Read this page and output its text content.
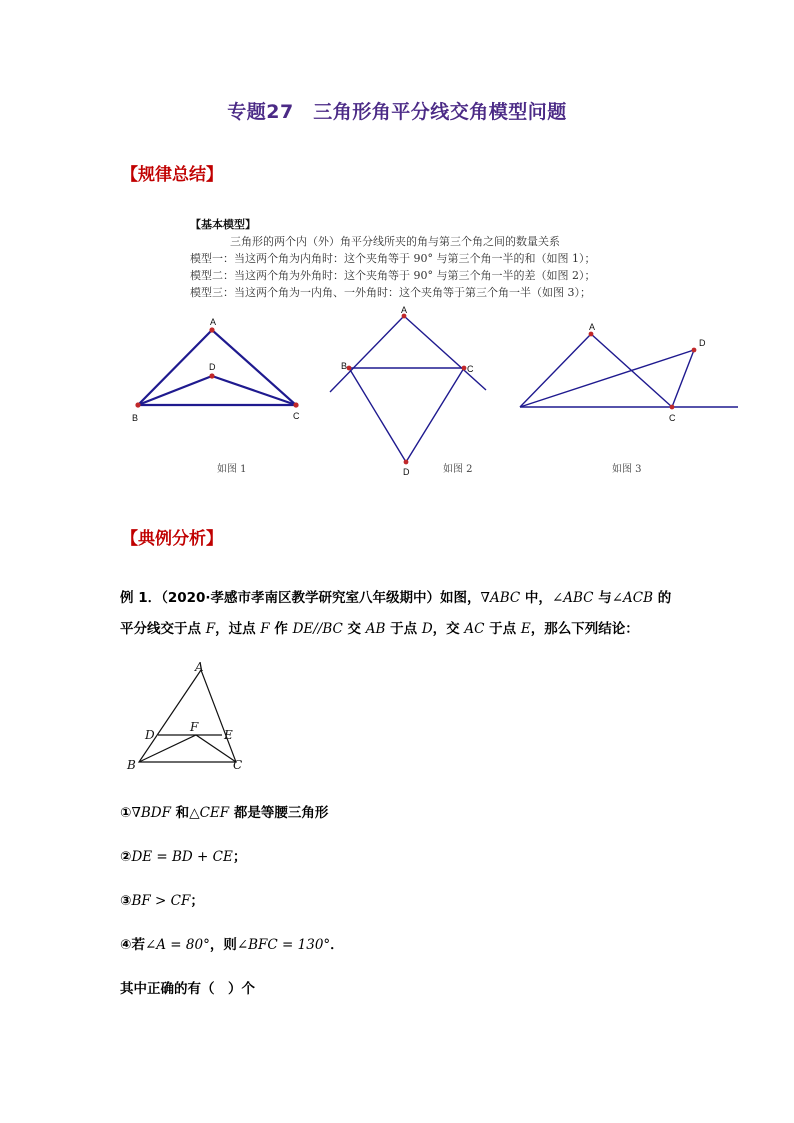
专题27　三角形角平分线交角模型问题
【规律总结】
【基本模型】
三角形的两个内（外）角平分线所夹的角与第三个角之间的数量关系
模型一：当这两个角为内角时：这个夹角等于 90° 与第三个角一半的和（如图 1）；
模型二：当这两个角为外角时：这个夹角等于 90° 与第三个角一半的差（如图 2）；
模型三：当这两个角为一内角、一外角时：这个夹角等于第三个角一半（如图 3）；
A
B	C
D
如图 1
A
B	C
D	如图 2
A
C
D
如图 3
【典例分析】
例 1．（2020·孝感市孝南区教学研究室八年级期中）如图，∇ABC 中，∠ABC 与∠ACB 的
平分线交于点 F，过点 F 作 DE//BC 交 AB 于点 D，交 AC 于点 E，那么下列结论：
A
B	C
D	E
F
①∇BDF 和△CEF 都是等腰三角形
②DE = BD + CE；
③BF > CF；
④若∠A = 80°，则∠BFC = 130°．
其中正确的有（　）个
